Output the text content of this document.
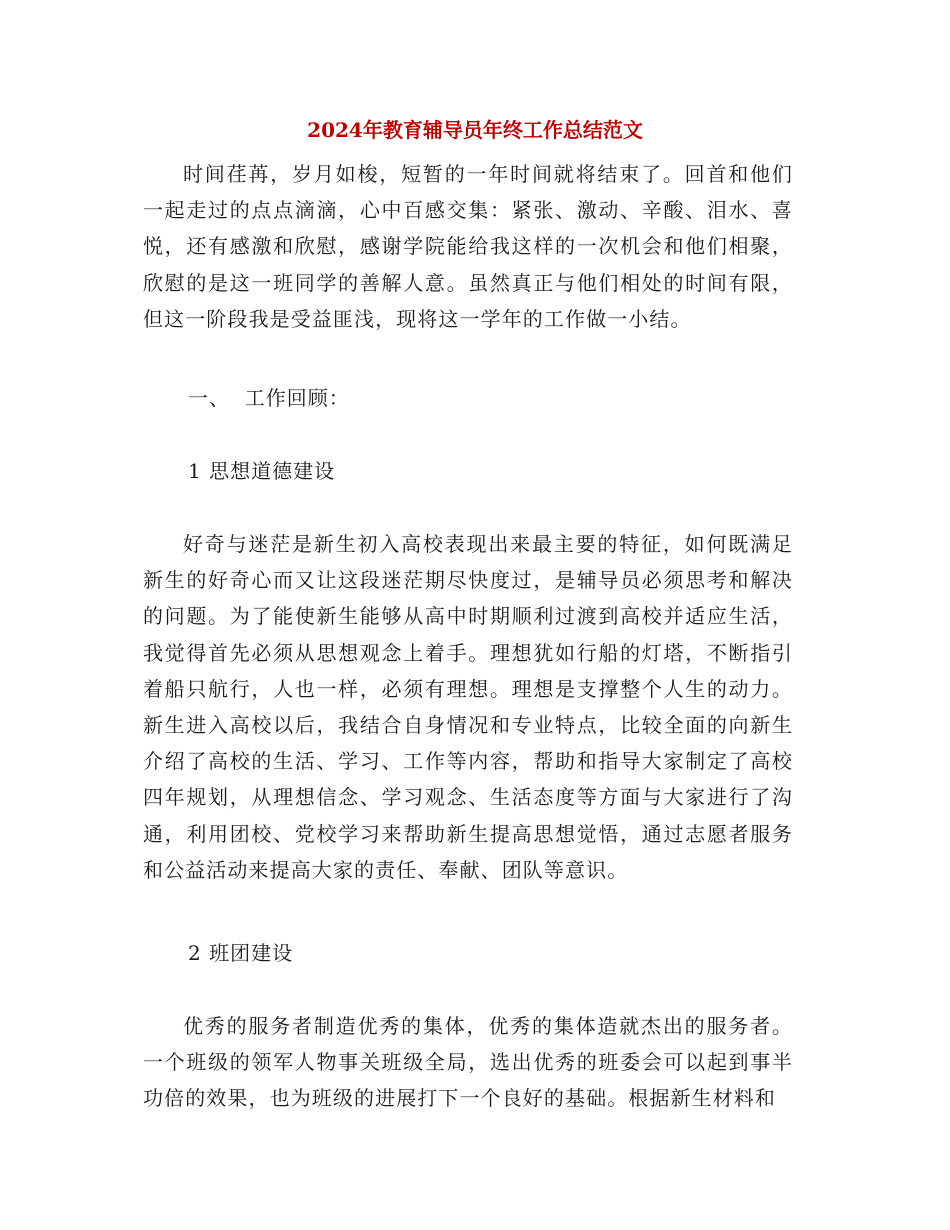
2024年教育辅导员年终工作总结范文

时间荏苒，岁月如梭，短暂的一年时间就将结束了。回首和他们一起走过的点点滴滴，心中百感交集：紧张、激动、辛酸、泪水、喜悦，还有感激和欣慰，感谢学院能给我这样的一次机会和他们相聚，欣慰的是这一班同学的善解人意。虽然真正与他们相处的时间有限，但这一阶段我是受益匪浅，现将这一学年的工作做一小结。

一、  工作回顾：

1 思想道德建设

好奇与迷茫是新生初入高校表现出来最主要的特征，如何既满足新生的好奇心而又让这段迷茫期尽快度过，是辅导员必须思考和解决的问题。为了能使新生能够从高中时期顺利过渡到高校并适应生活，我觉得首先必须从思想观念上着手。理想犹如行船的灯塔，不断指引着船只航行，人也一样，必须有理想。理想是支撑整个人生的动力。新生进入高校以后，我结合自身情况和专业特点，比较全面的向新生介绍了高校的生活、学习、工作等内容，帮助和指导大家制定了高校四年规划，从理想信念、学习观念、生活态度等方面与大家进行了沟通，利用团校、党校学习来帮助新生提高思想觉悟，通过志愿者服务和公益活动来提高大家的责任、奉献、团队等意识。

2 班团建设

优秀的服务者制造优秀的集体，优秀的集体造就杰出的服务者。一个班级的领军人物事关班级全局，选出优秀的班委会可以起到事半功倍的效果，也为班级的进展打下一个良好的基础。根据新生材料和
